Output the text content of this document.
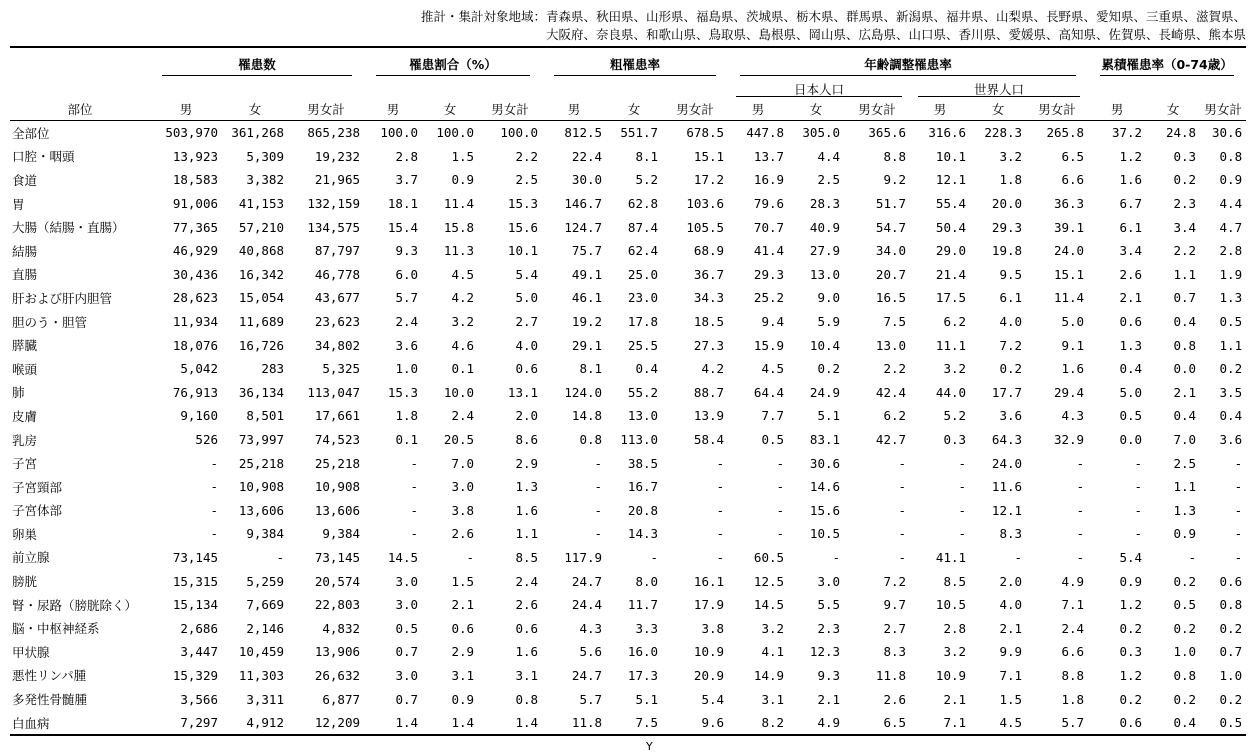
推計・集計対象地域：青森県、秋田県、山形県、福島県、茨城県、栃木県、群馬県、新潟県、福井県、山梨県、長野県、愛知県、三重県、滋賀県、
大阪府、奈良県、和歌山県、鳥取県、島根県、岡山県、広島県、山口県、香川県、愛媛県、高知県、佐賀県、長崎県、熊本県

	罹患数			罹患割合（%）			粗罹患率			年齢調整罹患率						累積罹患率（0-74歳）		

										日本人口			世界人口					

部位	男	女	男女計	男	女	男女計	男	女	男女計	男	女	男女計	男	女	男女計	男	女	男女計
全部位	503,970	361,268	865,238	100.0	100.0	100.0	812.5	551.7	678.5	447.8	305.0	365.6	316.6	228.3	265.8	37.2	24.8	30.6
口腔・咽頭	13,923	5,309	19,232	2.8	1.5	2.2	22.4	8.1	15.1	13.7	4.4	8.8	10.1	3.2	6.5	1.2	0.3	0.8
食道	18,583	3,382	21,965	3.7	0.9	2.5	30.0	5.2	17.2	16.9	2.5	9.2	12.1	1.8	6.6	1.6	0.2	0.9
胃	91,006	41,153	132,159	18.1	11.4	15.3	146.7	62.8	103.6	79.6	28.3	51.7	55.4	20.0	36.3	6.7	2.3	4.4
大腸（結腸・直腸）	77,365	57,210	134,575	15.4	15.8	15.6	124.7	87.4	105.5	70.7	40.9	54.7	50.4	29.3	39.1	6.1	3.4	4.7
結腸	46,929	40,868	87,797	9.3	11.3	10.1	75.7	62.4	68.9	41.4	27.9	34.0	29.0	19.8	24.0	3.4	2.2	2.8
直腸	30,436	16,342	46,778	6.0	4.5	5.4	49.1	25.0	36.7	29.3	13.0	20.7	21.4	9.5	15.1	2.6	1.1	1.9
肝および肝内胆管	28,623	15,054	43,677	5.7	4.2	5.0	46.1	23.0	34.3	25.2	9.0	16.5	17.5	6.1	11.4	2.1	0.7	1.3
胆のう・胆管	11,934	11,689	23,623	2.4	3.2	2.7	19.2	17.8	18.5	9.4	5.9	7.5	6.2	4.0	5.0	0.6	0.4	0.5
膵臓	18,076	16,726	34,802	3.6	4.6	4.0	29.1	25.5	27.3	15.9	10.4	13.0	11.1	7.2	9.1	1.3	0.8	1.1
喉頭	5,042	283	5,325	1.0	0.1	0.6	8.1	0.4	4.2	4.5	0.2	2.2	3.2	0.2	1.6	0.4	0.0	0.2
肺	76,913	36,134	113,047	15.3	10.0	13.1	124.0	55.2	88.7	64.4	24.9	42.4	44.0	17.7	29.4	5.0	2.1	3.5
皮膚	9,160	8,501	17,661	1.8	2.4	2.0	14.8	13.0	13.9	7.7	5.1	6.2	5.2	3.6	4.3	0.5	0.4	0.4
乳房	526	73,997	74,523	0.1	20.5	8.6	0.8	113.0	58.4	0.5	83.1	42.7	0.3	64.3	32.9	0.0	7.0	3.6
子宮	-	25,218	25,218	-	7.0	2.9	-	38.5	-	-	30.6	-	-	24.0	-	-	2.5	-
子宮頸部	-	10,908	10,908	-	3.0	1.3	-	16.7	-	-	14.6	-	-	11.6	-	-	1.1	-
子宮体部	-	13,606	13,606	-	3.8	1.6	-	20.8	-	-	15.6	-	-	12.1	-	-	1.3	-
卵巣	-	9,384	9,384	-	2.6	1.1	-	14.3	-	-	10.5	-	-	8.3	-	-	0.9	-
前立腺	73,145	-	73,145	14.5	-	8.5	117.9	-	-	60.5	-	-	41.1	-	-	5.4	-	-
膀胱	15,315	5,259	20,574	3.0	1.5	2.4	24.7	8.0	16.1	12.5	3.0	7.2	8.5	2.0	4.9	0.9	0.2	0.6
腎・尿路（膀胱除く）	15,134	7,669	22,803	3.0	2.1	2.6	24.4	11.7	17.9	14.5	5.5	9.7	10.5	4.0	7.1	1.2	0.5	0.8
脳・中枢神経系	2,686	2,146	4,832	0.5	0.6	0.6	4.3	3.3	3.8	3.2	2.3	2.7	2.8	2.1	2.4	0.2	0.2	0.2
甲状腺	3,447	10,459	13,906	0.7	2.9	1.6	5.6	16.0	10.9	4.1	12.3	8.3	3.2	9.9	6.6	0.3	1.0	0.7
悪性リンパ腫	15,329	11,303	26,632	3.0	3.1	3.1	24.7	17.3	20.9	14.9	9.3	11.8	10.9	7.1	8.8	1.2	0.8	1.0
多発性骨髄腫	3,566	3,311	6,877	0.7	0.9	0.8	5.7	5.1	5.4	3.1	2.1	2.6	2.1	1.5	1.8	0.2	0.2	0.2
白血病	7,297	4,912	12,209	1.4	1.4	1.4	11.8	7.5	9.6	8.2	4.9	6.5	7.1	4.5	5.7	0.6	0.4	0.5
Y
